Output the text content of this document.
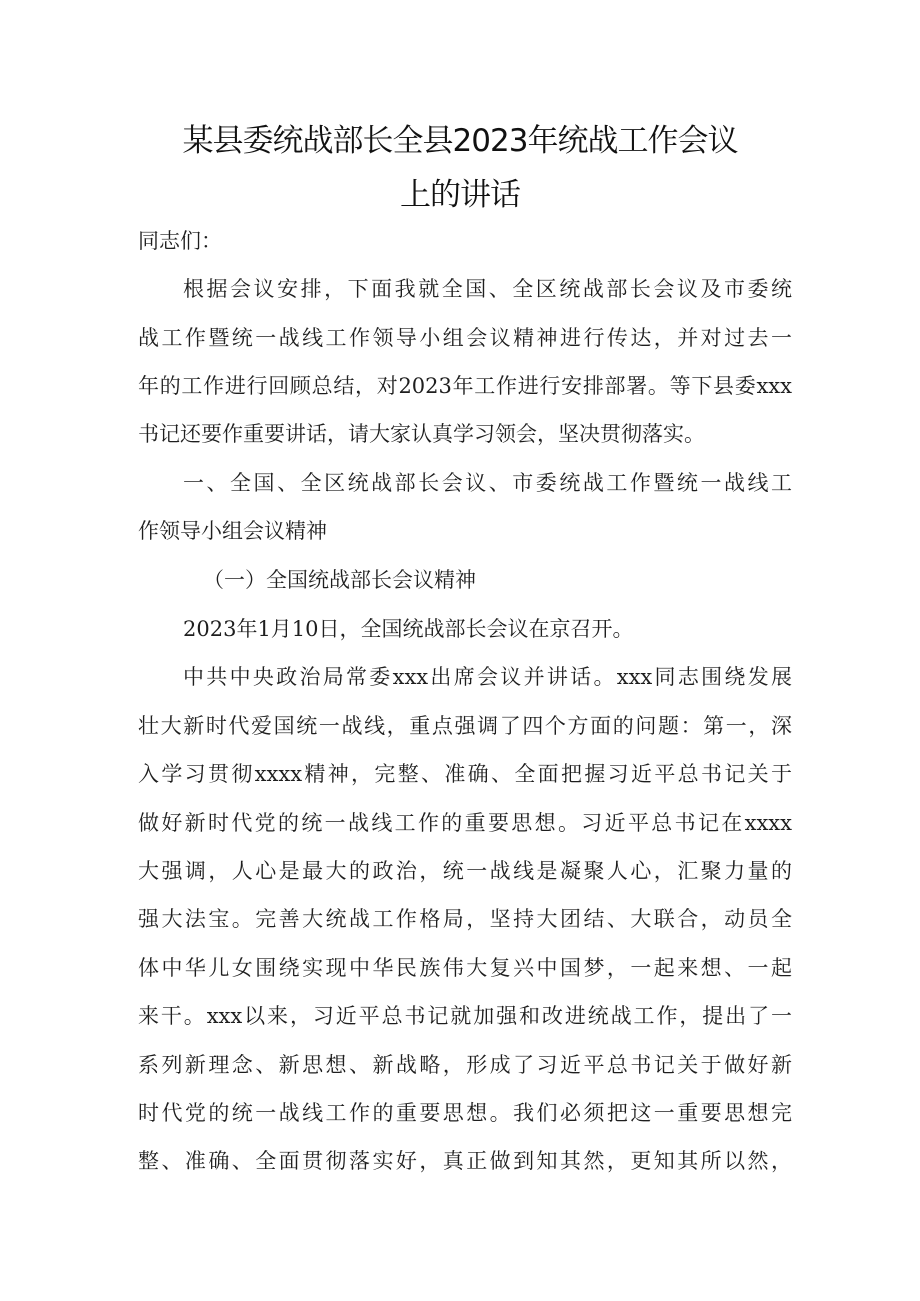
某县委统战部长全县2023年统战工作会议
上的讲话
同志们：
根据会议安排，下面我就全国、全区统战部长会议及市委统
战工作暨统一战线工作领导小组会议精神进行传达，并对过去一
年的工作进行回顾总结，对2023年工作进行安排部署。等下县委xxx
书记还要作重要讲话，请大家认真学习领会，坚决贯彻落实。
一、全国、全区统战部长会议、市委统战工作暨统一战线工
作领导小组会议精神
（一）全国统战部长会议精神
2023年1月10日，全国统战部长会议在京召开。
中共中央政治局常委xxx出席会议并讲话。xxx同志围绕发展
壮大新时代爱国统一战线，重点强调了四个方面的问题：第一，深
入学习贯彻xxxx精神，完整、准确、全面把握习近平总书记关于
做好新时代党的统一战线工作的重要思想。习近平总书记在xxxx
大强调，人心是最大的政治，统一战线是凝聚人心，汇聚力量的
强大法宝。完善大统战工作格局，坚持大团结、大联合，动员全
体中华儿女围绕实现中华民族伟大复兴中国梦，一起来想、一起
来干。xxx以来，习近平总书记就加强和改进统战工作，提出了一
系列新理念、新思想、新战略，形成了习近平总书记关于做好新
时代党的统一战线工作的重要思想。我们必须把这一重要思想完
整、准确、全面贯彻落实好，真正做到知其然，更知其所以然，
